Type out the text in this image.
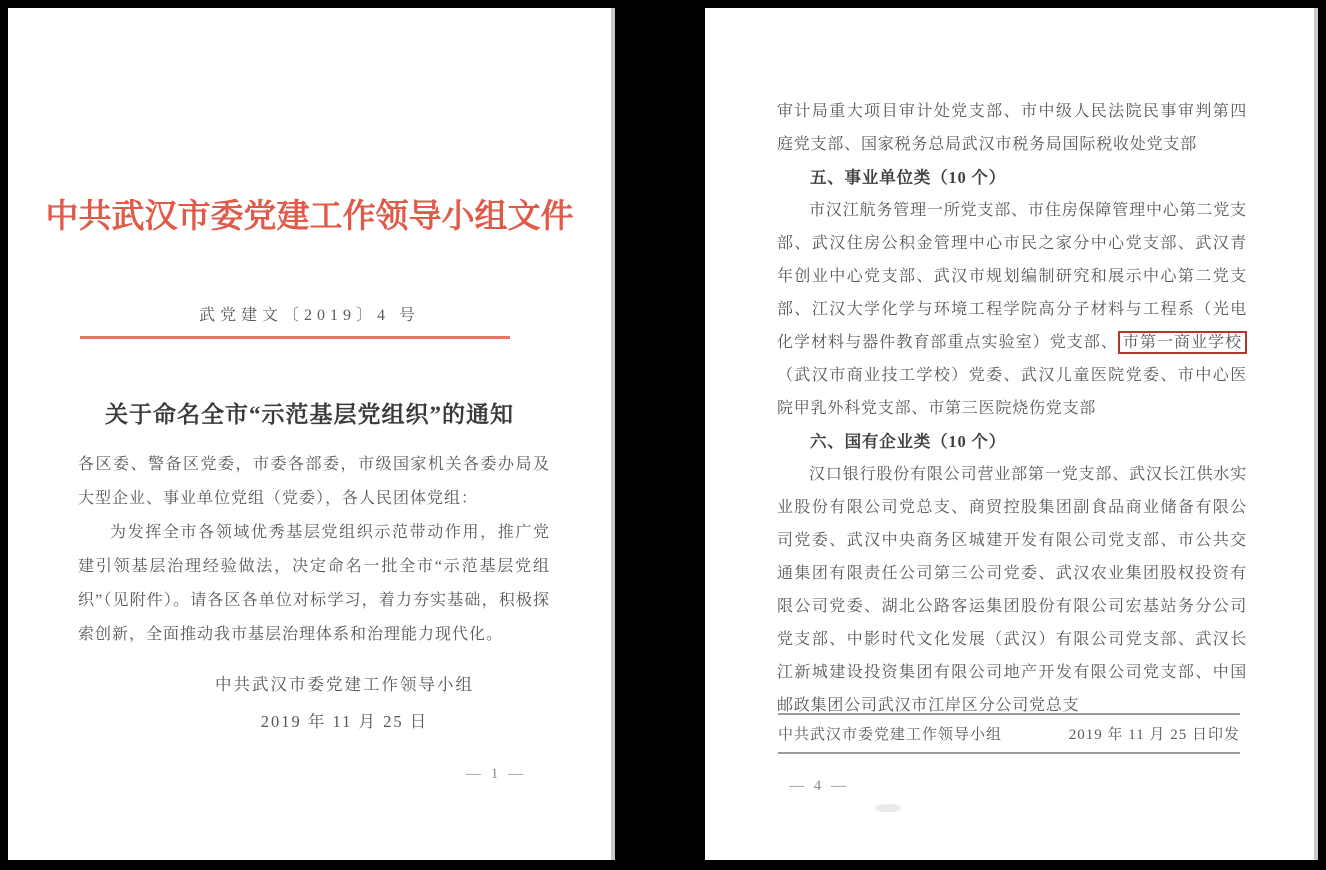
中共武汉市委党建工作领导小组文件
武党建文〔2019〕4 号
关于命名全市“示范基层党组织”的通知

各区委、警备区党委，市委各部委，市级国家机关各委办局及大型企业、事业单位党组（党委），各人民团体党组：

为发挥全市各领域优秀基层党组织示范带动作用，推广党建引领基层治理经验做法，决定命名一批全市“示范基层党组织”（见附件）。请各区各单位对标学习，着力夯实基础，积极探索创新，全面推动我市基层治理体系和治理能力现代化。

中共武汉市委党建工作领导小组
2019 年 11 月 25 日
— 1 —

审计局重大项目审计处党支部、市中级人民法院民事审判第四庭党支部、国家税务总局武汉市税务局国际税收处党支部

五、事业单位类（10 个）

市汉江航务管理一所党支部、市住房保障管理中心第二党支部、武汉住房公积金管理中心市民之家分中心党支部、武汉青年创业中心党支部、武汉市规划编制研究和展示中心第二党支部、江汉大学化学与环境工程学院高分子材料与工程系（光电化学材料与器件教育部重点实验室）党支部、 市第一商业学校（武汉市商业技工学校）党委、武汉儿童医院党委、市中心医院甲乳外科党支部、市第三医院烧伤党支部

六、国有企业类（10 个）

汉口银行股份有限公司营业部第一党支部、武汉长江供水实业股份有限公司党总支、商贸控股集团副食品商业储备有限公司党委、武汉中央商务区城建开发有限公司党支部、市公共交通集团有限责任公司第三公司党委、武汉农业集团股权投资有限公司党委、湖北公路客运集团股份有限公司宏基站务分公司党支部、中影时代文化发展（武汉）有限公司党支部、武汉长江新城建设投资集团有限公司地产开发有限公司党支部、中国邮政集团公司武汉市江岸区分公司党总支

中共武汉市委党建工作领导小组	2019 年 11 月 25 日印发
— 4 —
